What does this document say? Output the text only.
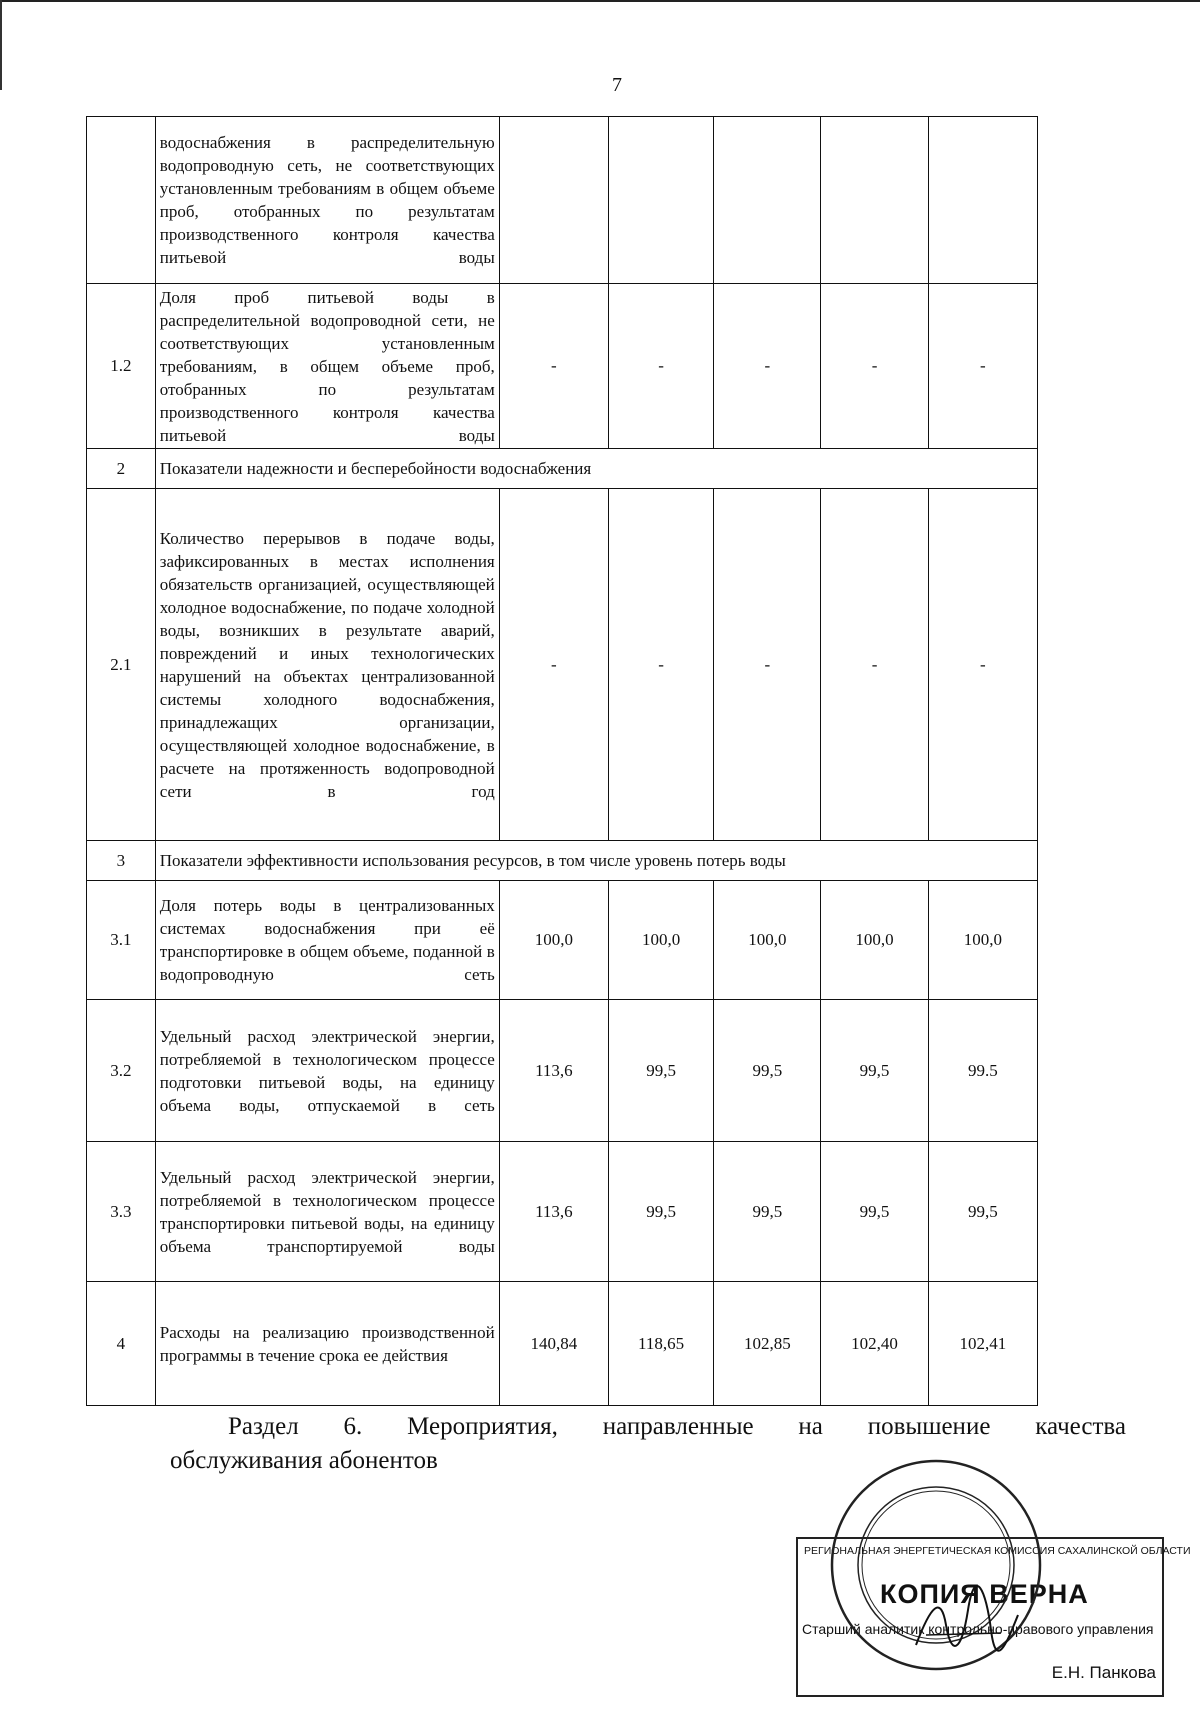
7
	водоснабжения в распределительную водопроводную сеть, не соответствующих установленным требованиям в общем объеме проб, отобранных по результатам производственного контроля качества питьевой воды					
1.2	Доля проб питьевой воды в распределительной водопроводной сети, не соответствующих установленным требованиям, в общем объеме проб, отобранных по результатам производственного контроля качества питьевой воды	-	-	-	-	-
2	Показатели надежности и бесперебойности водоснабжения					
2.1	Количество перерывов в подаче воды, зафиксированных в местах исполнения обязательств организацией, осуществляющей холодное водоснабжение, по подаче холодной воды, возникших в результате аварий, повреждений и иных технологических нарушений на объектах централизованной системы холодного водоснабжения, принадлежащих организации, осуществляющей холодное водоснабжение, в расчете на протяженность водопроводной сети в год	-	-	-	-	-
3	Показатели эффективности использования ресурсов, в том числе уровень потерь воды					
3.1	Доля потерь воды в централизованных системах водоснабжения при её транспортировке в общем объеме, поданной в водопроводную сеть	100,0	100,0	100,0	100,0	100,0
3.2	Удельный расход электрической энергии, потребляемой в технологическом процессе подготовки питьевой воды, на единицу объема воды, отпускаемой в сеть	113,6	99,5	99,5	99,5	99.5
3.3	Удельный расход электрической энергии, потребляемой в технологическом процессе транспортировки питьевой воды, на единицу объема транспортируемой воды	113,6	99,5	99,5	99,5	99,5
4	Расходы на реализацию производственной программы в течение срока ее действия	140,84	118,65	102,85	102,40	102,41
Раздел 6. Мероприятия, направленные на повышение качества
обслуживания абонентов
РЕГИОНАЛЬНАЯ ЭНЕРГЕТИЧЕСКАЯ КОМИССИЯ САХАЛИНСКОЙ ОБЛАСТИ
КОПИЯ ВЕРНА
Старший аналитик контрольно-правового управления
Е.Н. Панкова
